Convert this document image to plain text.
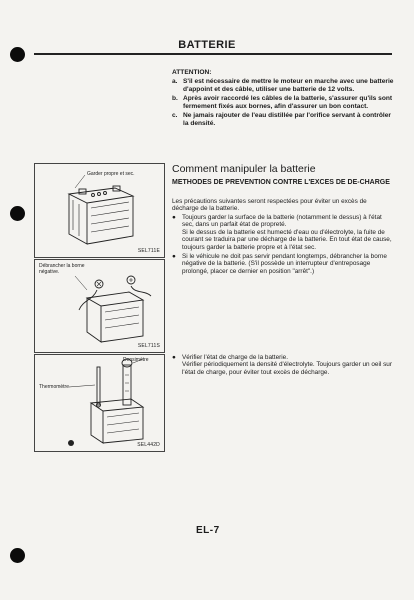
BATTERIE
ATTENTION:
a. S'il est nécessaire de mettre le moteur en marche avec une batterie d'appoint et des câble, utiliser une batterie de 12 volts.
b. Après avoir raccordé les câbles de la batterie, s'assurer qu'ils sont fermement fixés aux bornes, afin d'assurer un bon contact.
c. Ne jamais rajouter de l'eau distillée par l'orifice servant à contrôler la densité.
Comment manipuler la batterie
METHODES DE PREVENTION CONTRE L'EXCES DE DE-CHARGE
Les précautions suivantes seront respectées pour éviter un excès de décharge de la batterie.
● Toujours garder la surface de la batterie (notamment le dessus) à l'état sec, dans un parfait état de propreté.

Si le dessus de la batterie est humecté d'eau ou d'électrolyte, la fuite de courant se traduira par une décharge de la batterie. En tout état de cause, toujours garder la batterie propre et à l'état sec.

● Si le véhicule ne doit pas servir pendant longtemps, débrancher la borne négative de la batterie. (S'il possède un interrupteur d'entreposage prolongé, placer ce dernier en position "arrêt".)

● Vérifier l'état de charge de la batterie.

Vérifier périodiquement la densité d'électrolyte. Toujours garder un oeil sur l'état de charge, pour éviter tout excès de décharge.

Garder propre et sec.
SEL711E
Débrancher la borne négative.
SEL711S
Densimètre
Thermomètre
SEL442D
EL-7
